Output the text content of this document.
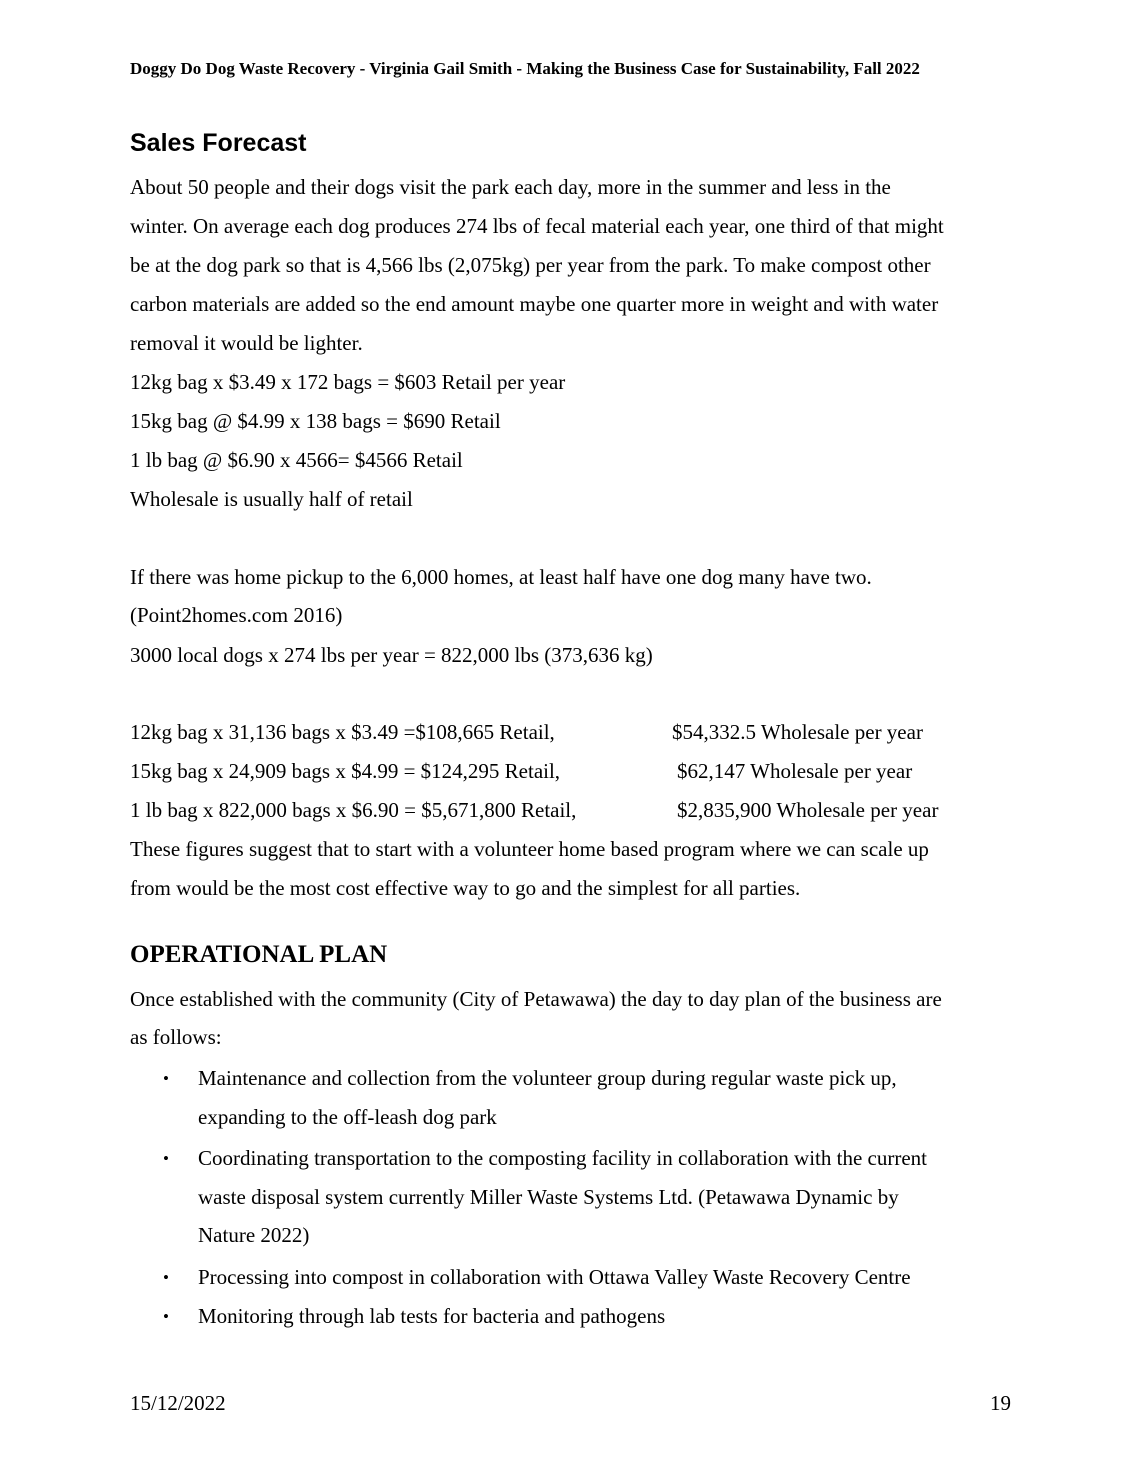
Doggy Do Dog Waste Recovery - Virginia Gail Smith - Making the Business Case for Sustainability, Fall 2022
Sales Forecast
About 50 people and their dogs visit the park each day, more in the summer and less in the
winter. On average each dog produces 274 lbs of fecal material each year, one third of that might
be at the dog park so that is 4,566 lbs (2,075kg) per year from the park. To make compost other
carbon materials are added so the end amount maybe one quarter more in weight and with water
removal it would be lighter.
12kg bag x $3.49 x 172 bags = $603 Retail per year
15kg bag @ $4.99 x 138 bags = $690 Retail
1 lb bag @ $6.90 x 4566= $4566 Retail
Wholesale is usually half of retail
If there was home pickup to the 6,000 homes, at least half have one dog many have two.
(Point2homes.com 2016)
3000 local dogs x 274 lbs per year = 822,000 lbs (373,636 kg)
12kg bag x 31,136 bags x $3.49 =$108,665 Retail,	$54,332.5 Wholesale per year
15kg bag x 24,909 bags x $4.99 = $124,295 Retail,	$62,147 Wholesale per year
1 lb bag x 822,000 bags x $6.90 = $5,671,800 Retail,	$2,835,900 Wholesale per year
These figures suggest that to start with a volunteer home based program where we can scale up
from would be the most cost effective way to go and the simplest for all parties.
OPERATIONAL PLAN
Once established with the community (City of Petawawa) the day to day plan of the business are
as follows:
• Maintenance and collection from the volunteer group during regular waste pick up,
expanding to the off-leash dog park
• Coordinating transportation to the composting facility in collaboration with the current
waste disposal system currently Miller Waste Systems Ltd. (Petawawa Dynamic by
Nature 2022)
• Processing into compost in collaboration with Ottawa Valley Waste Recovery Centre
• Monitoring through lab tests for bacteria and pathogens
15/12/2022	19
